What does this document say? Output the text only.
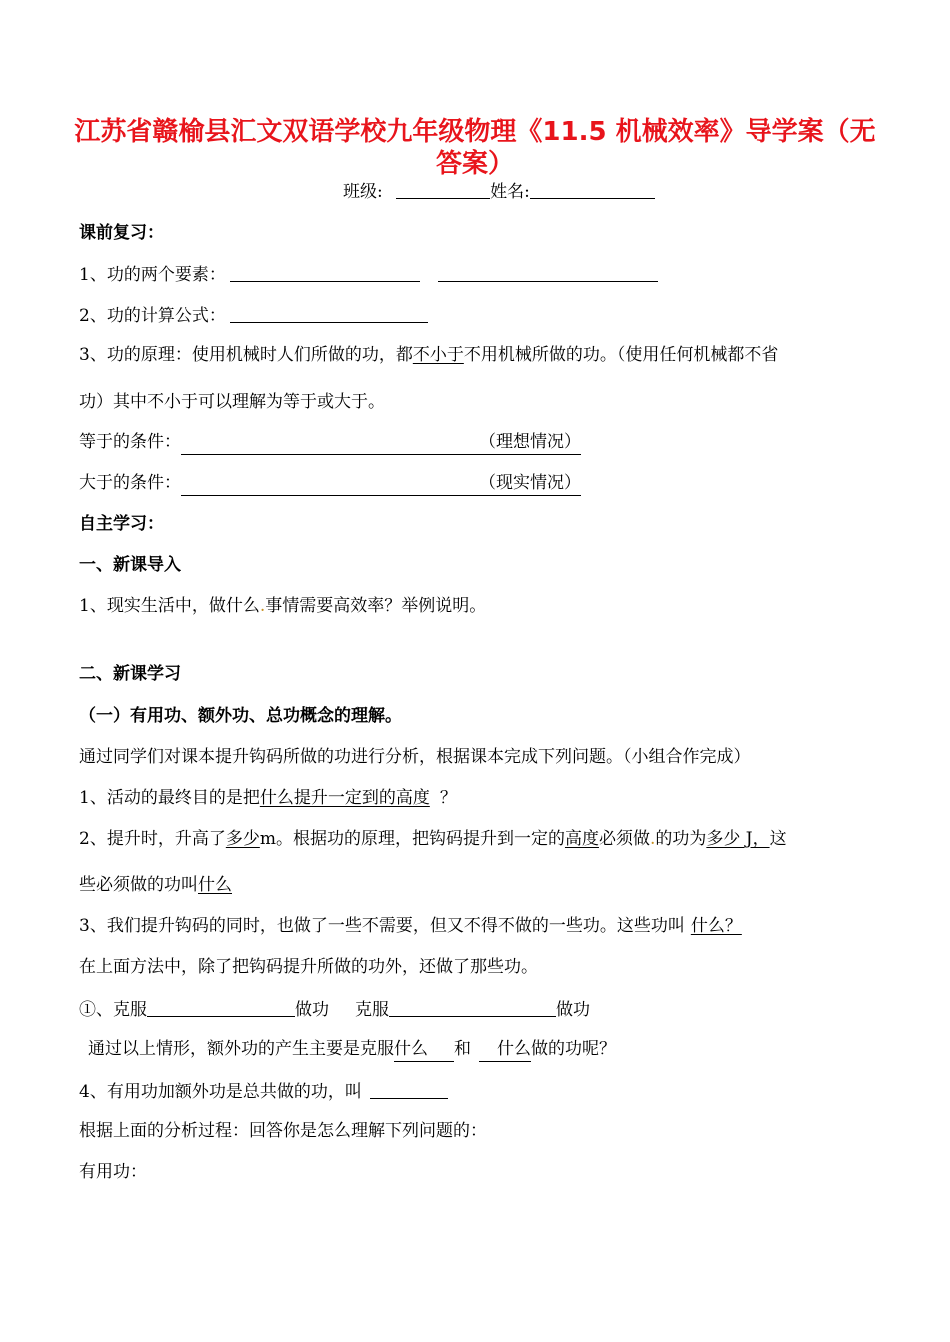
江苏省赣榆县汇文双语学校九年级物理《11.5 机械效率》导学案（无
答案）
班级:	姓名:
课前复习：
1、功的两个要素：
2、功的计算公式：
3、功的原理：使用机械时人们所做的功，都不小于不用机械所做的功。（使用任何机械都不省
功）其中不小于可以理解为等于或大于。
等于的条件：	（理想情况）
大于的条件：	（现实情况）
自主学习：
一、新课导入
1、现实生活中，做什么.事情需要高效率？举例说明。
二、新课学习
（一）有用功、额外功、总功概念的理解。
通过同学们对课本提升钩码所做的功进行分析，根据课本完成下列问题。（小组合作完成）
1、活动的最终目的是把什么提升一定到的高度 ？
2、提升时，升高了多少m。根据功的原理，把钩码提升到一定的高度必须做.的功为多少 J，这
些必须做的功叫什么
3、我们提升钩码的同时，也做了一些不需要，但又不得不做的一些功。这些功叫 什么？
在上面方法中，除了把钩码提升所做的功外，还做了那些功。
①、克服	做功 克服	做功
通过以上情形，额外功的产生主要是克服什么 和 什么做的功呢？
4、有用功加额外功是总共做的功，叫
根据上面的分析过程：回答你是怎么理解下列问题的：
有用功：
